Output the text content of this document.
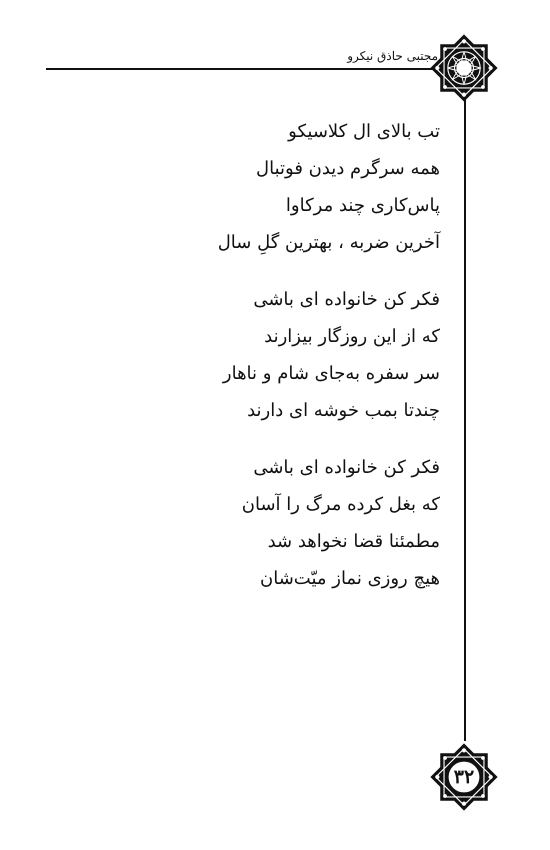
مجتبی حاذق نیکرو
۳۲
تب بالای ال کلاسیکو
همه سرگرم دیدن فوتبال
پاس‌کاری چند مرکاوا
آخرین ضربه ، بهترین گلِ سال
فکر کن خانواده ای باشی
که از این روزگار بیزارند
سر سفره به‌جای شام و ناهار
چندتا بمب خوشه ای دارند
فکر کن خانواده ای باشی
که بغل کرده مرگ را آسان
مطمئنا قضا نخواهد شد
هیچ روزی نماز میّت‌شان
